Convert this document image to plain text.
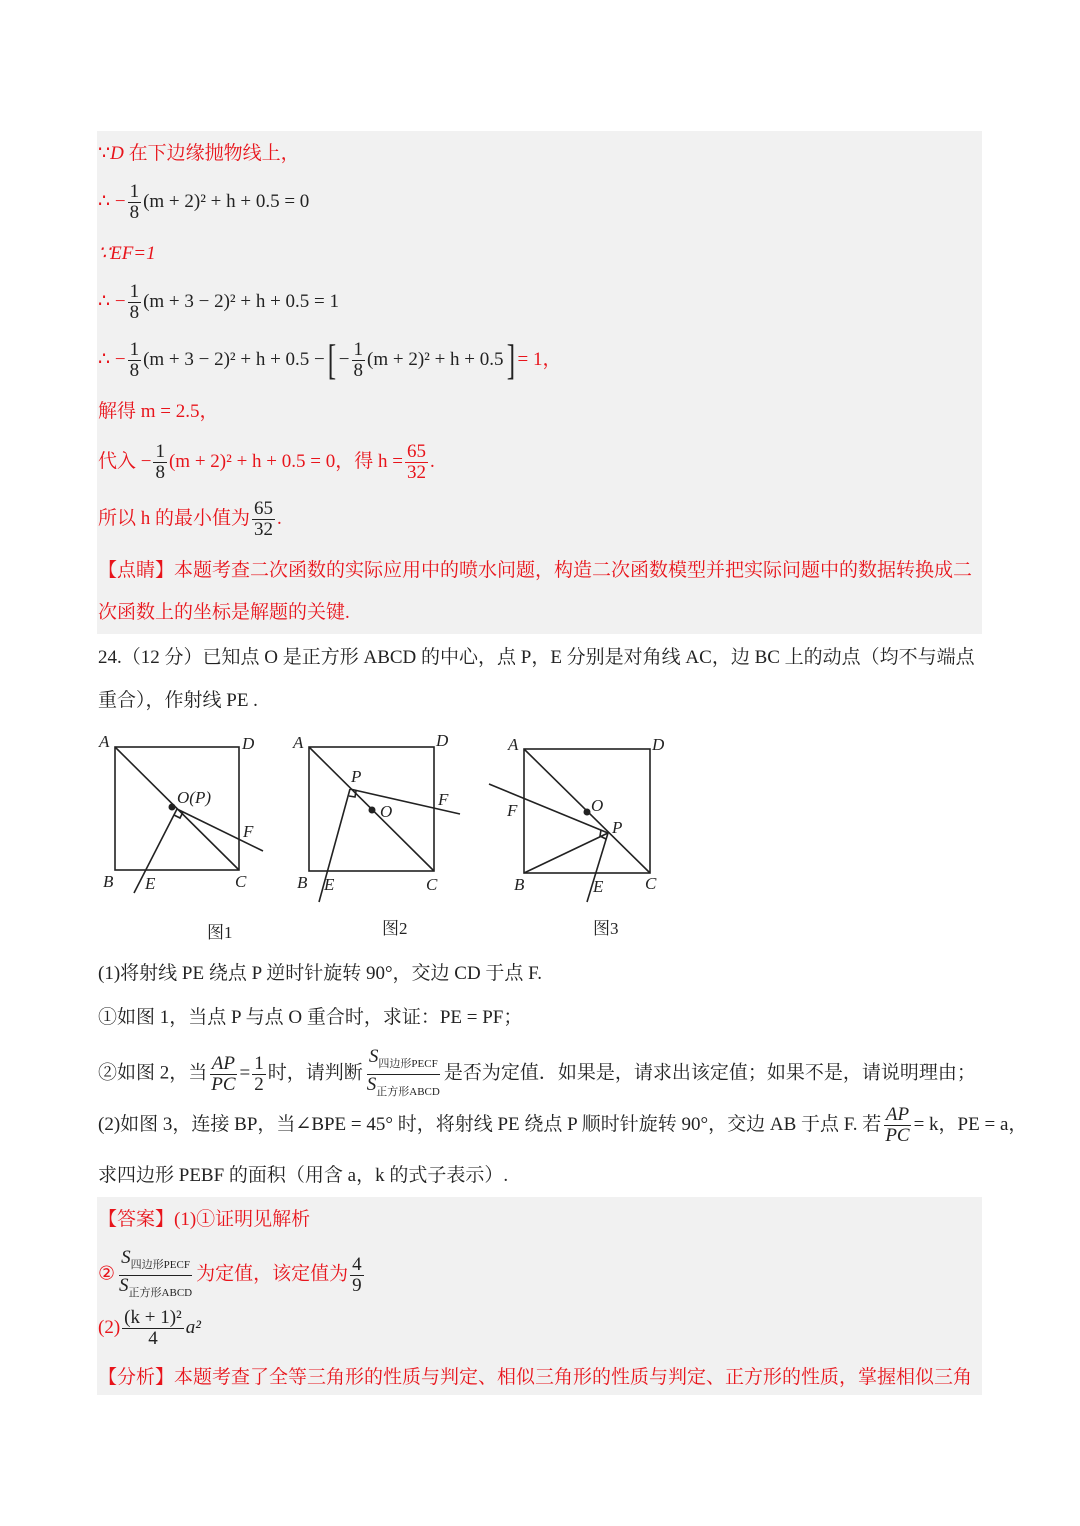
∵D 在下边缘抛物线上，
∴ − $\frac{1}{8} (m + 2)^2 + h + 0.5 = 0$
∵EF=1
∴ − $\frac{1}{8} (m + 3 - 2)^2 + h + 0.5 = 1$
∴ − $\frac{1}{8} (m + 3 - 2)^2 + h + 0.5$ −[ − $\frac{1}{8} (m + 2)^2 + h + 0.5] = 1$，
解得 m = 2.5，
代入 − $\frac{1}{8} (m + 2)^2 + h + 0.5 = 0$，得 $h = \frac{65}{32}$ .
所以 h 的最小值为 $\frac{65}{32}$ .
【点睛】本题考查二次函数的实际应用中的喷水问题，构造二次函数模型并把实际问题中的数据转换成二
次函数上的坐标是解题的关键.
24.（12 分）已知点 O 是正方形 ABCD 的中心，点 P，E 分别是对角线 AC，边 BC 上的动点（均不与端点
重合），作射线 PE .
A	D
O(P)
F
B E	C
A	D
P
O
F
B E	C
A	D
O
F
P
B	E C
图1	图2	图3
(1)将射线 PE 绕点 P 逆时针旋转 90°，交边 CD 于点 F.
①如图 1，当点 P 与点 O 重合时，求证：PE = PF；
②如图 2，当 $\frac{AP}{PC} = \frac{1}{2}$ 时，请判断 $\frac{S_{四边形PECF}}{S_{正方形ABCD}}$ 是否为定值．如果是，请求出该定值；如果不是，请说明理由；
(2)如图 3，连接 BP，当∠BPE = 45° 时，将射线 PE 绕点 P 顺时针旋转 90°，交边 AB 于点 F. 若 $\frac{AP}{PC} = k$，PE = a，
求四边形 PEBF 的面积（用含 a，k 的式子表示）.
【答案】(1)①证明见解析
② $\frac{S_{四边形PECF}}{S_{正方形ABCD}}$ 为定值，该定值为 $\frac{4}{9}$
$(2) \frac{\text{(k + 1)²}}{4} a^2$
【分析】本题考查了全等三角形的性质与判定、相似三角形的性质与判定、正方形的性质，掌握相似三角
